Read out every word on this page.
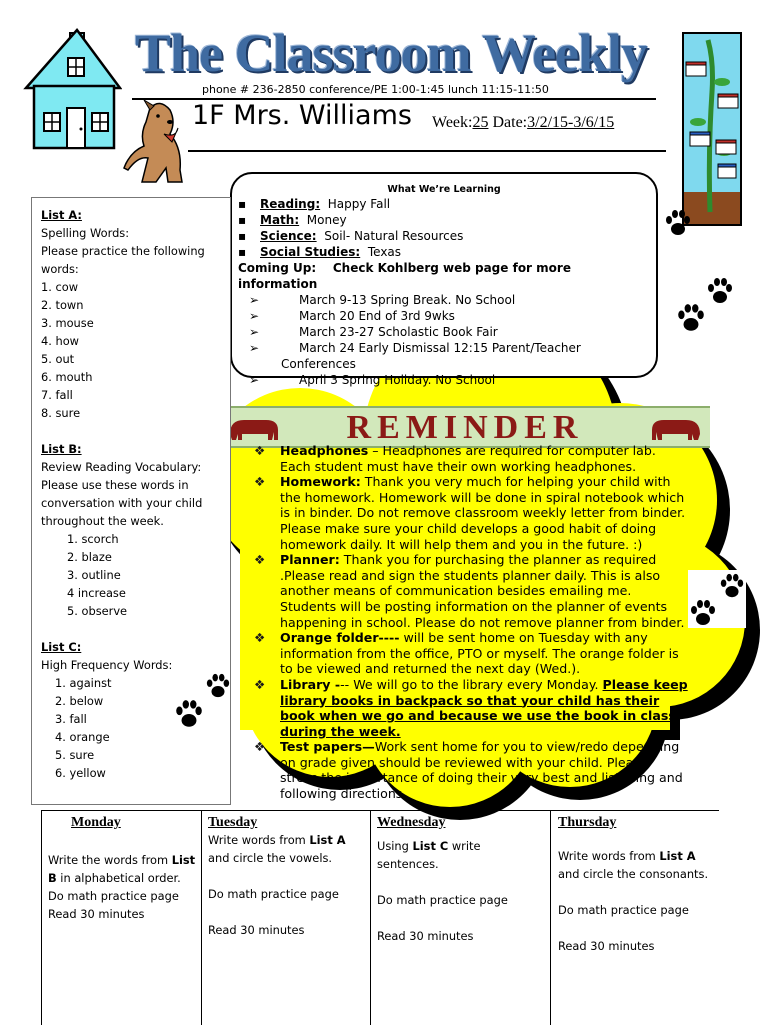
The Classroom Weekly
phone # 236-2850 conference/PE 1:00-1:45 lunch 11:15-11:50
1F Mrs. Williams Week:25 Date:3/2/15-3/6/15
What We’re Learning
▪ Reading: Happy Fall
▪ Math: Money
▪ Science: Soil- Natural Resources
▪ Social Studies: Texas
Coming Up: Check Kohlberg web page for more information
➢	March 9-13 Spring Break. No School
➢	March 20 End of 3rd 9wks
➢	March 23-27 Scholastic Book Fair
➢	March 24 Early Dismissal 12:15 Parent/Teacher Conferences
➢	April 3 Spring Holiday. No School
REMINDER

❖ Headphones – Headphones are required for computer lab. Each student must have their own working headphones.

❖ Homework: Thank you very much for helping your child with the homework. Homework will be done in spiral notebook which is in binder. Do not remove classroom weekly letter from binder. Please make sure your child develops a good habit of doing homework daily. It will help them and you in the future. :)

❖ Planner: Thank you for purchasing the planner as required .Please read and sign the students planner daily. This is also another means of communication besides emailing me. Students will be posting information on the planner of events happening in school. Please do not remove planner from binder.

❖ Orange folder---- will be sent home on Tuesday with any information from the office, PTO or myself. The orange folder is to be viewed and returned the next day (Wed.).

❖ Library --- We will go to the library every Monday. Please keep library books in backpack so that your child has their book when we go and because we use the book in class during the week.

❖ Test papers—Work sent home for you to view/redo depending on grade given should be reviewed with your child. Please stress the importance of doing their very best and listening and following directions.

List A:
Spelling Words:
Please practice the following words:
1. cow
2. town
3. mouse
4. how
5. out
6. mouth
7. fall
8. sure
List B:
Review Reading Vocabulary:
Please use these words in conversation with your child throughout the week.
1. scorch
2. blaze
3. outline
4 increase
5. observe
List C:
High Frequency Words:
1. against
2. below
3. fall
4. orange
5. sure
6. yellow
Monday
Write the words from List B in alphabetical order.
Do math practice page
Read 30 minutes
Tuesday
Write words from List A and circle the vowels.
Do math practice page
Read 30 minutes
Wednesday
Using List C write sentences.
Do math practice page
Read 30 minutes
Thursday
Write words from List A and circle the consonants.
Do math practice page
Read 30 minutes
